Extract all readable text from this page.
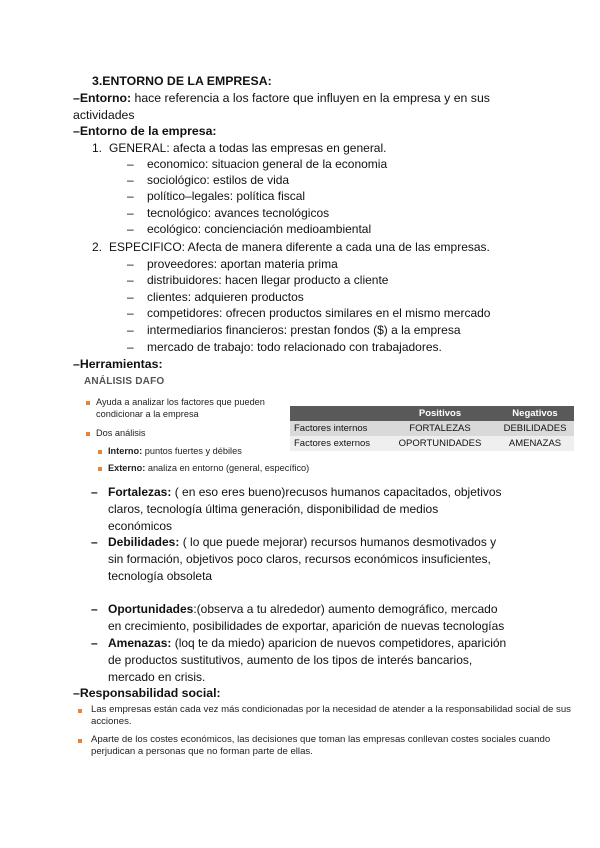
3.ENTORNO DE LA EMPRESA:
–Entorno: hace referencia a los factore que influyen en la empresa y en sus
actividades
–Entorno de la empresa:
1. GENERAL: afecta a todas las empresas en general.
– economico: situacion general de la economia
– sociológico: estilos de vida
– político–legales: política fiscal
– tecnológico: avances tecnológicos
– ecológico: concienciación medioambiental
2. ESPECIFICO: Afecta de manera diferente a cada una de las empresas.
– proveedores: aportan materia prima
– distribuidores: hacen llegar producto a cliente
– clientes: adquieren productos
– competidores: ofrecen productos similares en el mismo mercado
– intermediarios financieros: prestan fondos ($) a la empresa
– mercado de trabajo: todo relacionado con trabajadores.
–Herramientas:
ANÁLISIS DAFO
Ayuda a analizar los factores que pueden
condicionar a la empresa
Dos análisis
Interno: puntos fuertes y débiles
Externo: analiza en entorno (general, específico)
	Positivos	Negativos
Factores internos	FORTALEZAS	DEBILIDADES
Factores externos	OPORTUNIDADES	AMENAZAS
– Fortalezas: ( en eso eres bueno)recusos humanos capacitados, objetivos
claros, tecnología última generación, disponibilidad de medios
económicos
– Debilidades: ( lo que puede mejorar) recursos humanos desmotivados y
sin formación, objetivos poco claros, recursos económicos insuficientes,
tecnología obsoleta
– Oportunidades:(observa a tu alrededor) aumento demográfico, mercado
en crecimiento, posibilidades de exportar, aparición de nuevas tecnologías
– Amenazas: (loq te da miedo) aparicion de nuevos competidores, aparición
de productos sustitutivos, aumento de los tipos de interés bancarios,
mercado en crisis.
–Responsabilidad social:
Las empresas están cada vez más condicionadas por la necesidad de atender a la responsabilidad social de sus
acciones.
Aparte de los costes económicos, las decisiones que toman las empresas conllevan costes sociales cuando
perjudican a personas que no forman parte de ellas.
